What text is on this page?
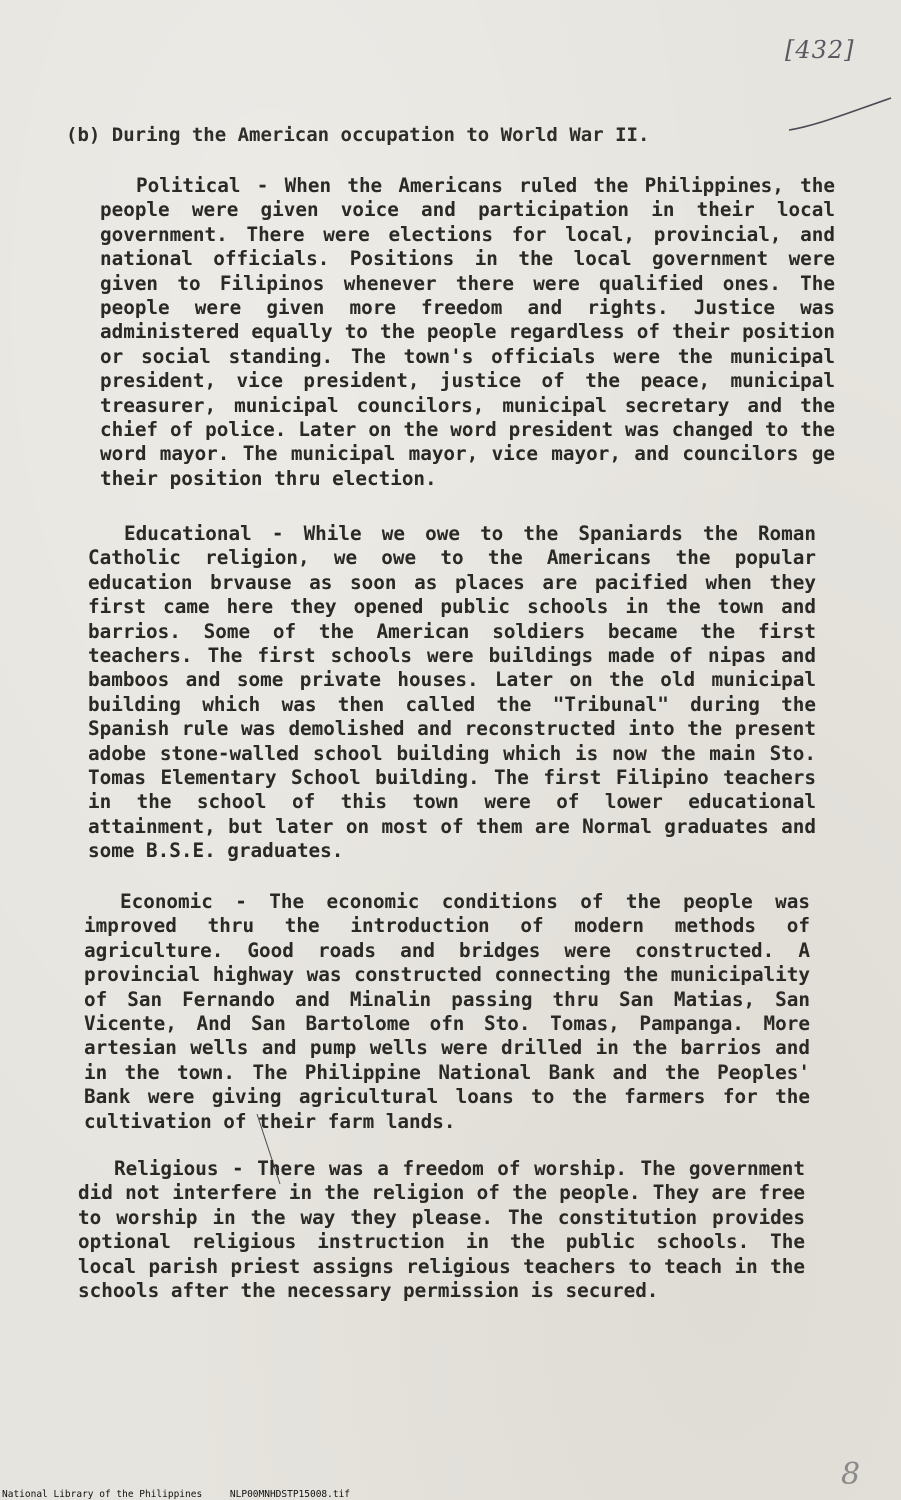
[432]
(b) During the American occupation to World War II.
Political - When the Americans ruled the Philippines, the people were given voice and participation in their local government. There were elections for local, provincial, and national officials. Positions in the local government were given to Filipinos whenever there were qualified ones. The people were given more freedom and rights. Justice was administered equally to the people regardless of their position or social standing. The town's officials were the municipal president, vice president, justice of the peace, municipal treasurer, municipal councilors, municipal secretary and the chief of police. Later on the word president was changed to the word mayor. The municipal mayor, vice mayor, and councilors ge their position thru election.
Educational - While we owe to the Spaniards the Roman Catholic religion, we owe to the Americans the popular education brvause as soon as places are pacified when they first came here they opened public schools in the town and barrios. Some of the American soldiers became the first teachers. The first schools were buildings made of nipas and bamboos and some private houses. Later on the old municipal building which was then called the "Tribunal" during the Spanish rule was demolished and reconstructed into the present adobe stone-walled school building which is now the main Sto. Tomas Elementary School building. The first Filipino teachers in the school of this town were of lower educational attainment, but later on most of them are Normal graduates and some B.S.E. graduates.
Economic - The economic conditions of the people was improved thru the introduction of modern methods of agriculture. Good roads and bridges were constructed. A provincial highway was constructed connecting the municipality of San Fernando and Minalin passing thru San Matias, San Vicente, And San Bartolome ofn Sto. Tomas, Pampanga. More artesian wells and pump wells were drilled in the barrios and in the town. The Philippine National Bank and the Peoples' Bank were giving agricultural loans to the farmers for the cultivation of their farm lands.
Religious - There was a freedom of worship. The government did not interfere in the religion of the people. They are free to worship in the way they please. The constitution provides optional religious instruction in the public schools. The local parish priest assigns religious teachers to teach in the schools after the necessary permission is secured.
8
National Library of the Philippines	NLP00MNHDSTP15008.tif
